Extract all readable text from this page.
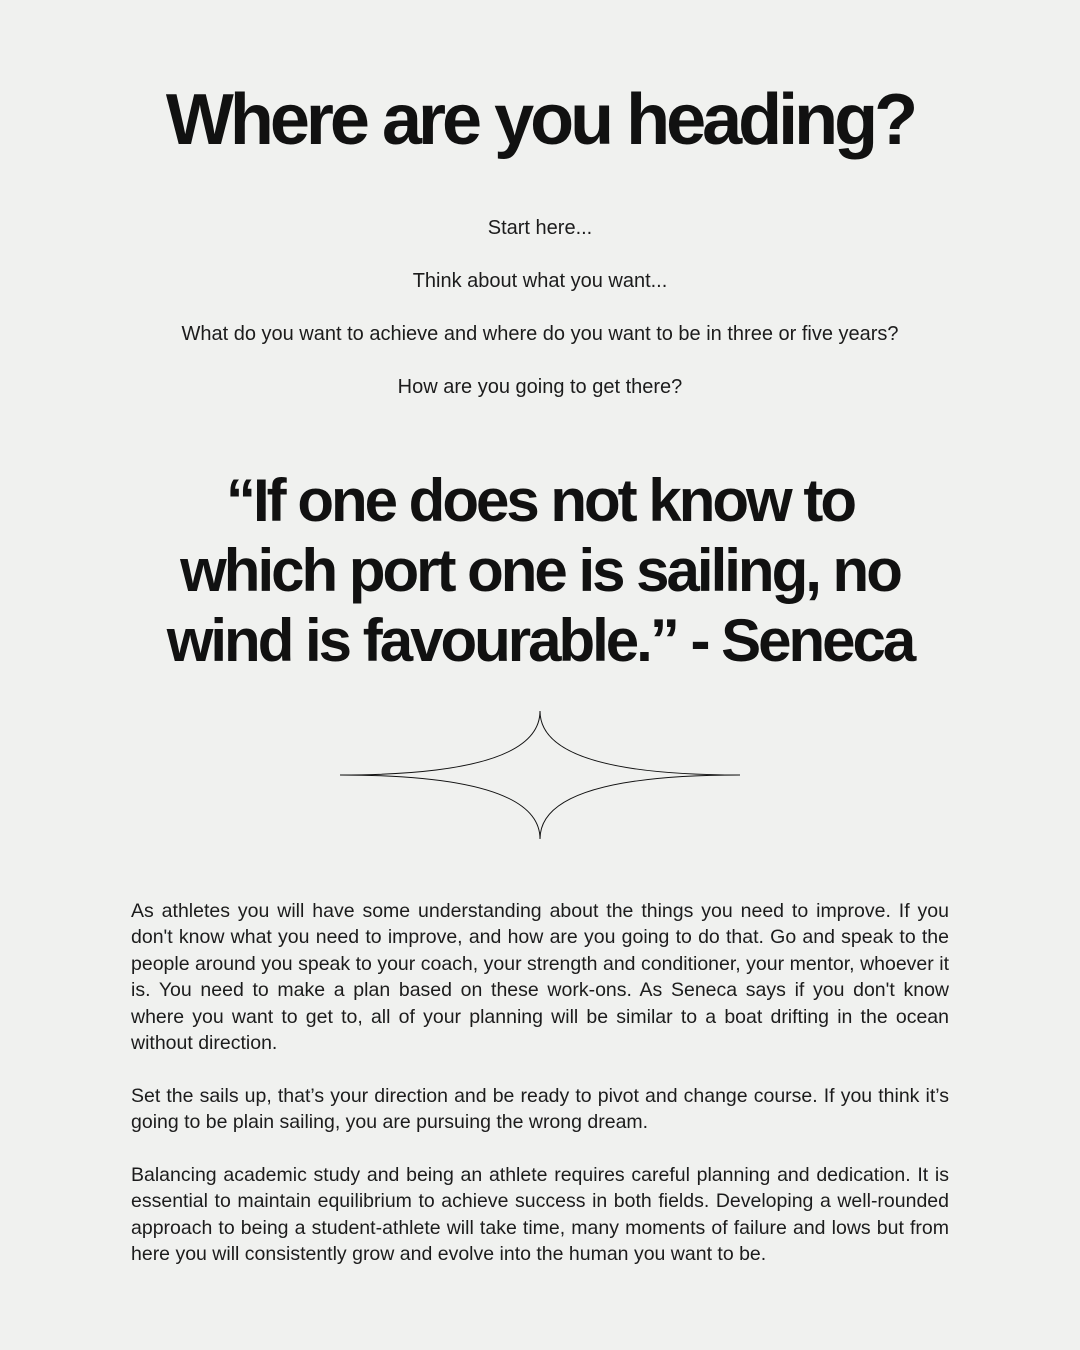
Where are you heading?

Start here...

Think about what you want...

What do you want to achieve and where do you want to be in three or five years?

How are you going to get there?

“If one does not know to
which port one is sailing, no
wind is favourable.” - Seneca

As athletes you will have some understanding about the things you need to improve. If you don't know what you need to improve, and how are you going to do that. Go and speak to the people around you speak to your coach, your strength and conditioner, your mentor, whoever it is. You need to make a plan based on these work-ons. As Seneca says if you don't know where you want to get to, all of your planning will be similar to a boat drifting in the ocean without direction.

Set the sails up, that’s your direction and be ready to pivot and change course. If you think it’s going to be plain sailing, you are pursuing the wrong dream.

Balancing academic study and being an athlete requires careful planning and dedication. It is essential to maintain equilibrium to achieve success in both fields. Developing a well-rounded approach to being a student-athlete will take time, many moments of failure and lows but from here you will consistently grow and evolve into the human you want to be.
